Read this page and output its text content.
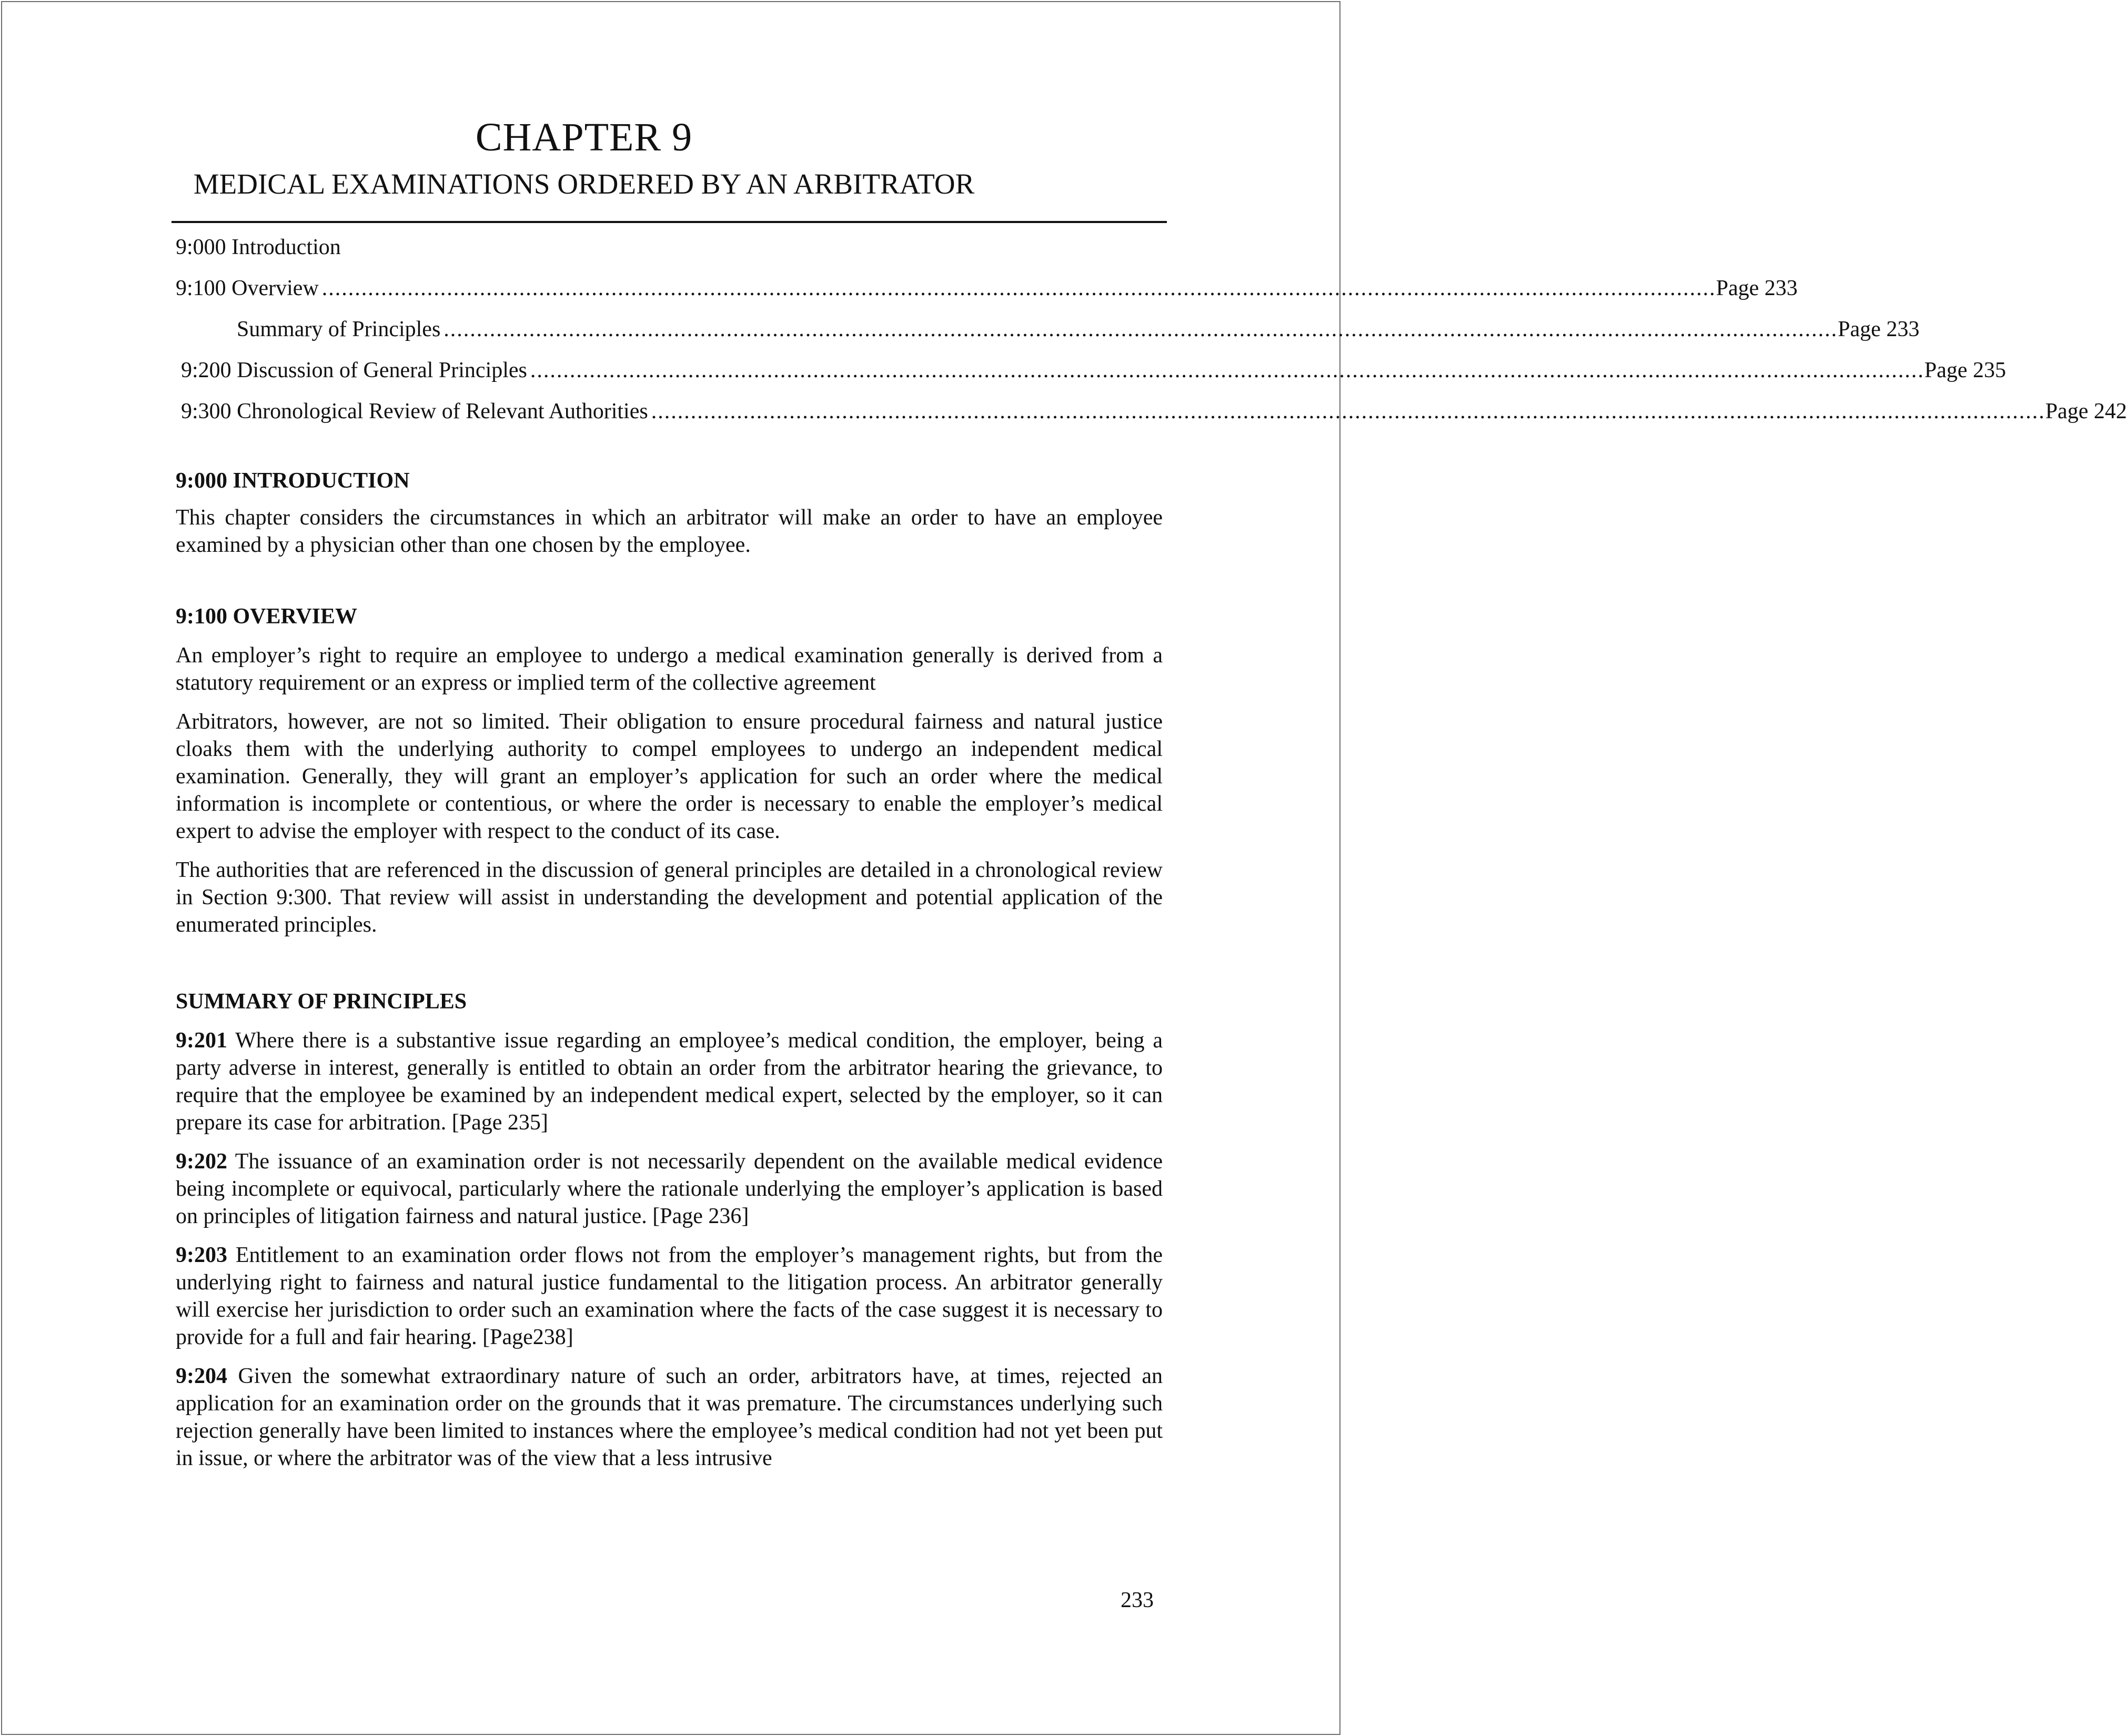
CHAPTER 9
MEDICAL EXAMINATIONS ORDERED BY AN ARBITRATOR
9:000 Introduction
9:100 Overview .................................................................................................................................................................................................................... Page 233
Summary of Principles .................................................................................................................................................................................................................... Page 233
9:200 Discussion of General Principles .................................................................................................................................................................................................................... Page 235
9:300 Chronological Review of Relevant Authorities .................................................................................................................................................................................................................... Page 242
9:000 INTRODUCTION

This chapter considers the circumstances in which an arbitrator will make an order to have an employee examined by a physician other than one chosen by the employee.

9:100 OVERVIEW

An employer’s right to require an employee to undergo a medical examination generally is derived from a statutory requirement or an express or implied term of the collective agreement

Arbitrators, however, are not so limited. Their obligation to ensure procedural fairness and natural justice cloaks them with the underlying authority to compel employees to undergo an independent medical examination. Generally, they will grant an employer’s application for such an order where the medical information is incomplete or contentious, or where the order is necessary to enable the employer’s medical expert to advise the employer with respect to the conduct of its case.

The authorities that are referenced in the discussion of general principles are detailed in a chronological review in Section 9:300. That review will assist in understanding the development and potential application of the enumerated principles.

SUMMARY OF PRINCIPLES

9:201 Where there is a substantive issue regarding an employee’s medical condition, the employer, being a party adverse in interest, generally is entitled to obtain an order from the arbitrator hearing the grievance, to require that the employee be examined by an independent medical expert, selected by the employer, so it can prepare its case for arbitration. [Page 235]

9:202 The issuance of an examination order is not necessarily dependent on the available medical evidence being incomplete or equivocal, particularly where the rationale underlying the employer’s application is based on principles of litigation fairness and natural justice. [Page 236]

9:203 Entitlement to an examination order flows not from the employer’s management rights, but from the underlying right to fairness and natural justice fundamental to the litigation process. An arbitrator generally will exercise her jurisdiction to order such an examination where the facts of the case suggest it is necessary to provide for a full and fair hearing. [Page238]

9:204 Given the somewhat extraordinary nature of such an order, arbitrators have, at times, rejected an application for an examination order on the grounds that it was premature. The circumstances underlying such rejection generally have been limited to instances where the employee’s medical condition had not yet been put in issue, or where the arbitrator was of the view that a less intrusive

233
